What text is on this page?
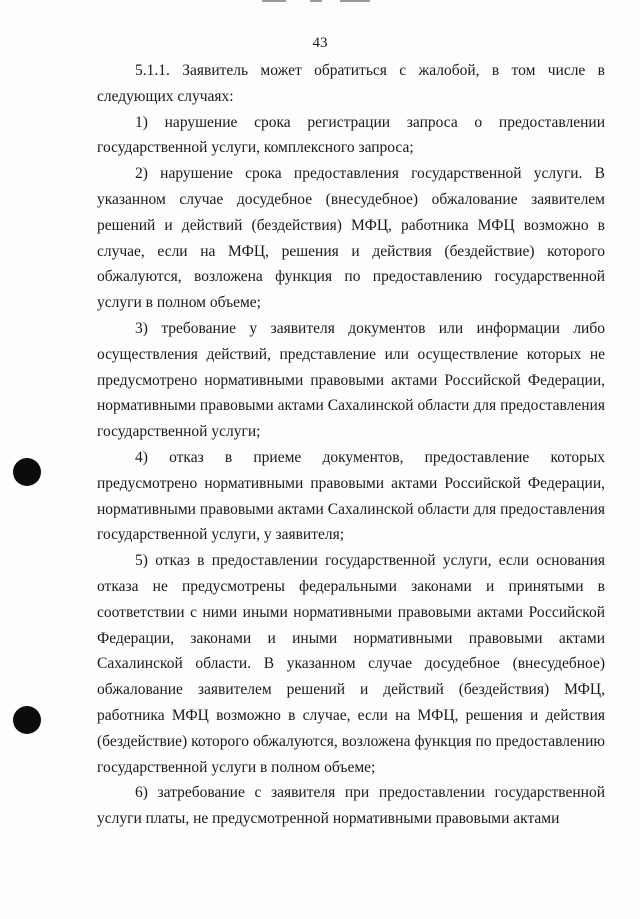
43

5.1.1. Заявитель может обратиться с жалобой, в том числе в следующих случаях:

1) нарушение срока регистрации запроса о предоставлении государственной услуги, комплексного запроса;

2) нарушение срока предоставления государственной услуги. В указанном случае досудебное (внесудебное) обжалование заявителем решений и действий (бездействия) МФЦ, работника МФЦ возможно в случае, если на МФЦ, решения и действия (бездействие) которого обжалуются, возложена функция по предоставлению государственной услуги в полном объеме;

3) требование у заявителя документов или информации либо осуществления действий, представление или осуществление которых не предусмотрено нормативными правовыми актами Российской Федерации, нормативными правовыми актами Сахалинской области для предоставления государственной услуги;

4) отказ в приеме документов, предоставление которых предусмотрено нормативными правовыми актами Российской Федерации, нормативными правовыми актами Сахалинской области для предоставления государственной услуги, у заявителя;

5) отказ в предоставлении государственной услуги, если основания отказа не предусмотрены федеральными законами и принятыми в соответствии с ними иными нормативными правовыми актами Российской Федерации, законами и иными нормативными правовыми актами Сахалинской области. В указанном случае досудебное (внесудебное) обжалование заявителем решений и действий (бездействия) МФЦ, работника МФЦ возможно в случае, если на МФЦ, решения и действия (бездействие) которого обжалуются, возложена функция по предоставлению государственной услуги в полном объеме;

6) затребование с заявителя при предоставлении государственной услуги платы, не предусмотренной нормативными правовыми актами
